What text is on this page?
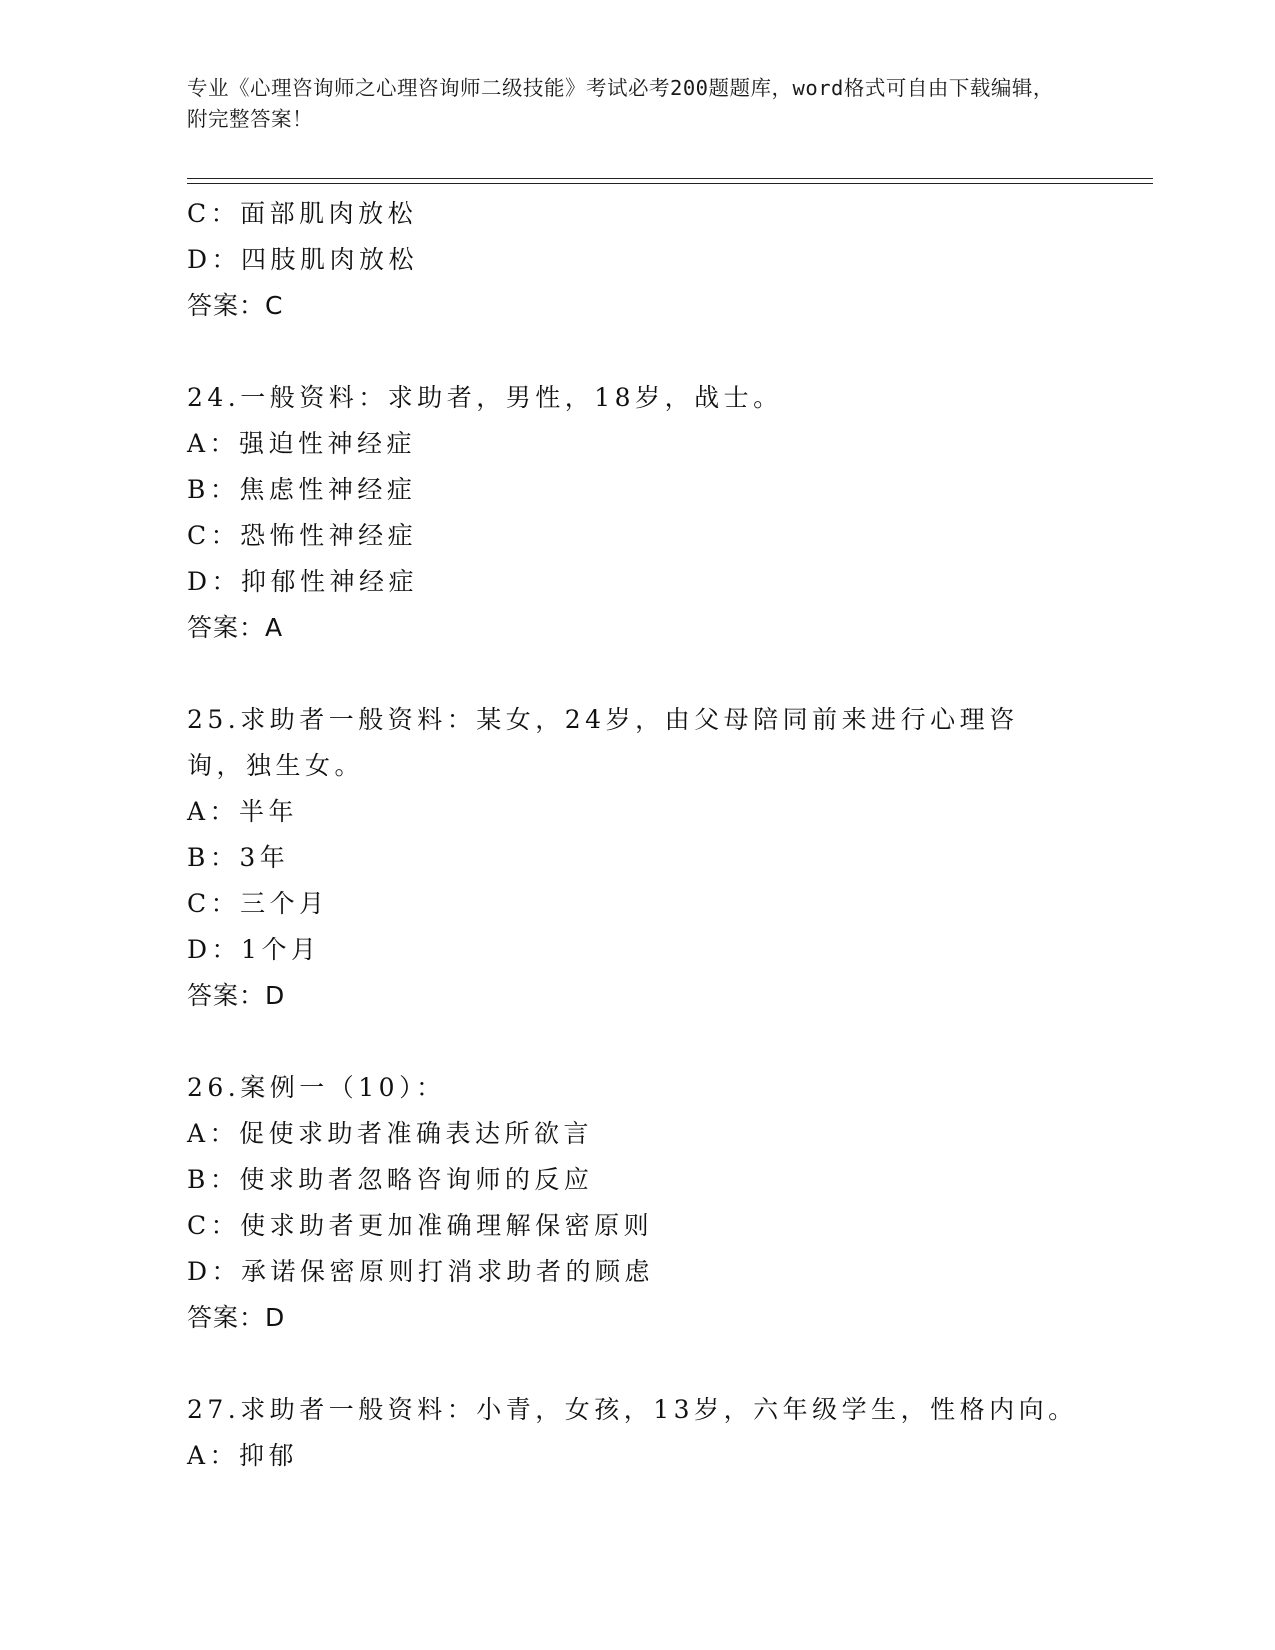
专业《心理咨询师之心理咨询师二级技能》考试必考200题题库，word格式可自由下载编辑，附完整答案！
C：面部肌肉放松
D：四肢肌肉放松
答案：C
24.一般资料：求助者，男性，18岁，战士。
A：强迫性神经症
B：焦虑性神经症
C：恐怖性神经症
D：抑郁性神经症
答案：A
25.求助者一般资料：某女，24岁，由父母陪同前来进行心理咨询，独生女。
A：半年
B：3年
C：三个月
D：1个月
答案：D
26.案例一（10）：
A：促使求助者准确表达所欲言
B：使求助者忽略咨询师的反应
C：使求助者更加准确理解保密原则
D：承诺保密原则打消求助者的顾虑
答案：D
27.求助者一般资料：小青，女孩，13岁，六年级学生，性格内向。
A：抑郁
